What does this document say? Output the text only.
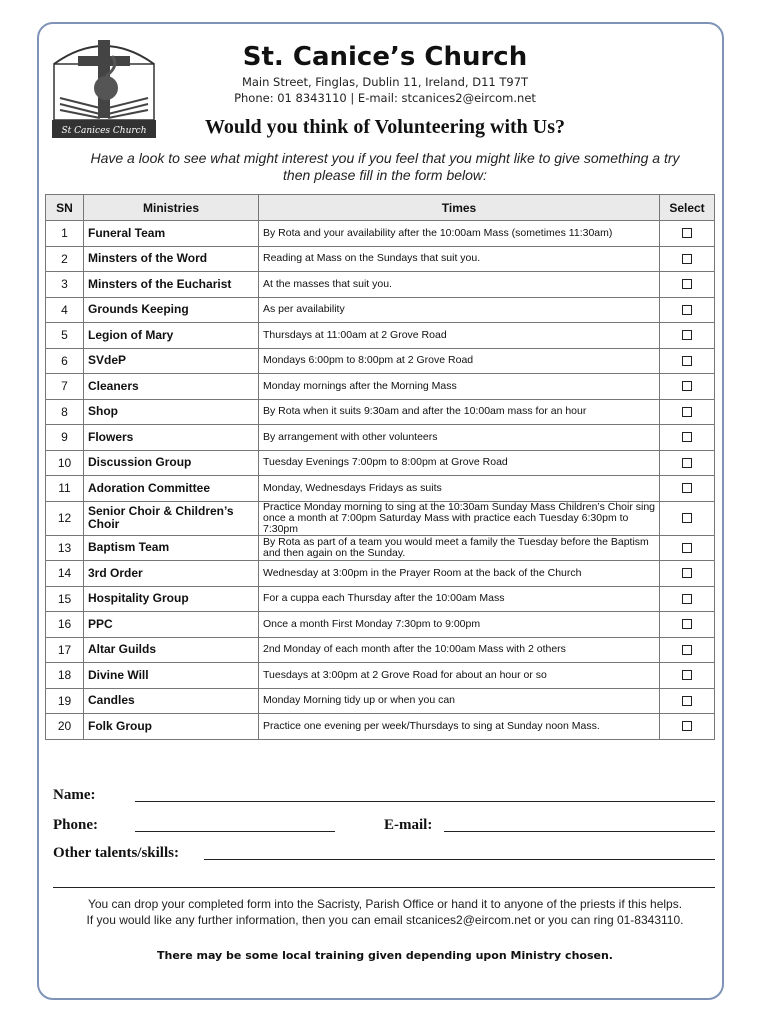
St Canices Church
St. Canice’s Church
Main Street, Finglas, Dublin 11, Ireland, D11 T97T
Phone: 01 8343110 | E-mail: stcanices2@eircom.net
Would you think of Volunteering with Us?
Have a look to see what might interest you if you feel that you might like to give something a try
then please fill in the form below:
SN	Ministries	Times	Select
1	Funeral Team	By Rota and your availability after the 10:00am Mass (sometimes 11:30am)	
2	Minsters of the Word	Reading at Mass on the Sundays that suit you.	
3	Minsters of the Eucharist	At the masses that suit you.	
4	Grounds Keeping	As per availability	
5	Legion of Mary	Thursdays at 11:00am at 2 Grove Road	
6	SVdeP	Mondays 6:00pm to 8:00pm at 2 Grove Road	
7	Cleaners	Monday mornings after the Morning Mass	
8	Shop	By Rota when it suits 9:30am and after the 10:00am mass for an hour	
9	Flowers	By arrangement with other volunteers	
10	Discussion Group	Tuesday Evenings 7:00pm to 8:00pm at Grove Road	
11	Adoration Committee	Monday, Wednesdays Fridays as suits	
12	Senior Choir & Children’s Choir	Practice Monday morning to sing at the 10:30am Sunday Mass Children’s Choir sing once a month at 7:00pm Saturday Mass with practice each Tuesday 6:30pm to 7:30pm	
13	Baptism Team	By Rota as part of a team you would meet a family the Tuesday before the Baptism and then again on the Sunday.	
14	3rd Order	Wednesday at 3:00pm in the Prayer Room at the back of the Church	
15	Hospitality Group	For a cuppa each Thursday after the 10:00am Mass	
16	PPC	Once a month First Monday 7:30pm to 9:00pm	
17	Altar Guilds	2nd Monday of each month after the 10:00am Mass with 2 others	
18	Divine Will	Tuesdays at 3:00pm at 2 Grove Road for about an hour or so	
19	Candles	Monday Morning tidy up or when you can	
20	Folk Group	Practice one evening per week/Thursdays to sing at Sunday noon Mass.	
Name:
Phone:	E-mail:
Other talents/skills:
You can drop your completed form into the Sacristy, Parish Office or hand it to anyone of the priests if this helps.
If you would like any further information, then you can email stcanices2@eircom.net or you can ring 01-8343110.
There may be some local training given depending upon Ministry chosen.
